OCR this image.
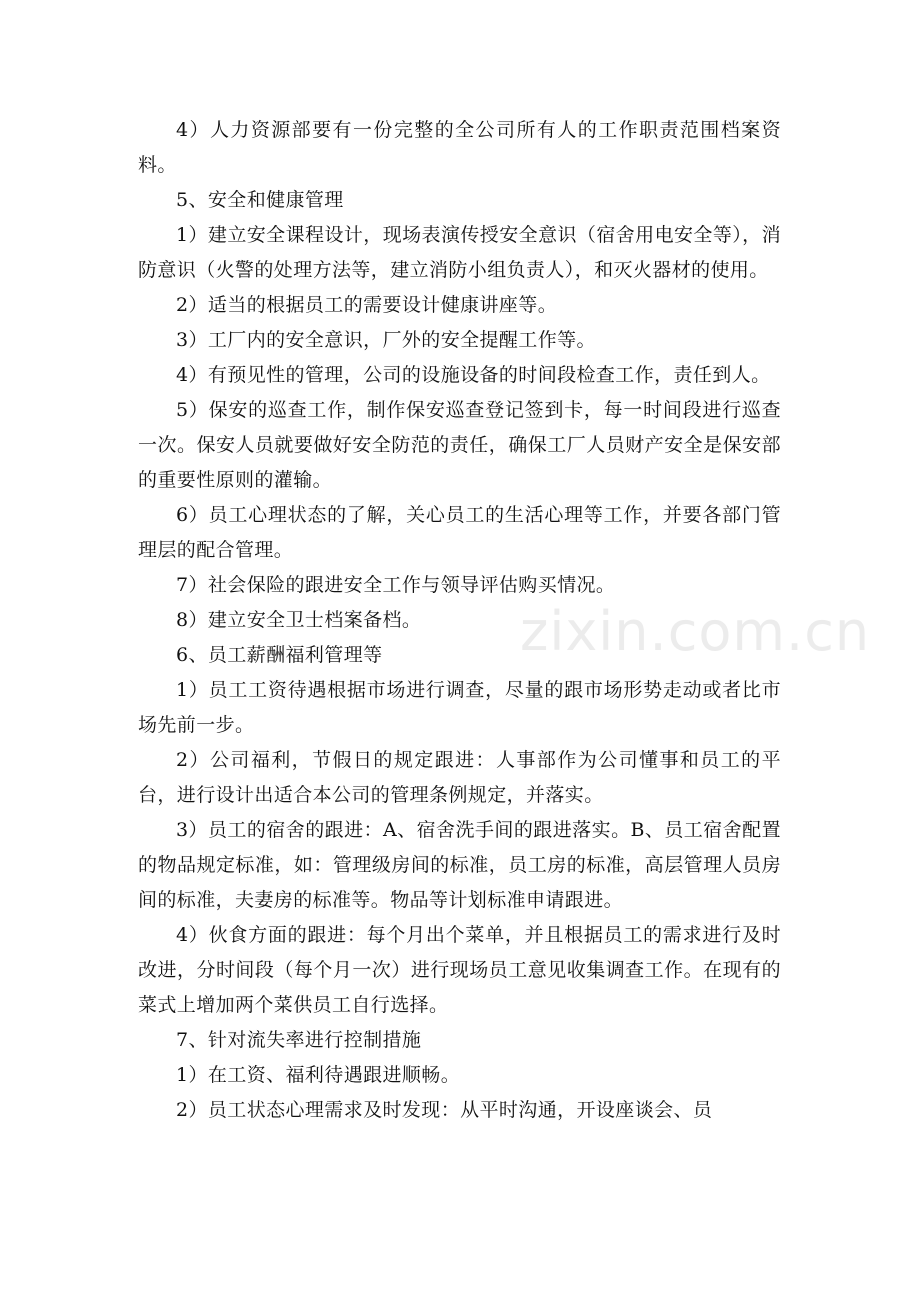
zixin.com.cn

4）人力资源部要有一份完整的全公司所有人的工作职责范围档案资料。

5、安全和健康管理

1）建立安全课程设计，现场表演传授安全意识（宿舍用电安全等），消防意识（火警的处理方法等，建立消防小组负责人），和灭火器材的使用。

2）适当的根据员工的需要设计健康讲座等。

3）工厂内的安全意识，厂外的安全提醒工作等。

4）有预见性的管理，公司的设施设备的时间段检查工作，责任到人。

5）保安的巡查工作，制作保安巡查登记签到卡，每一时间段进行巡查一次。保安人员就要做好安全防范的责任，确保工厂人员财产安全是保安部的重要性原则的灌输。

6）员工心理状态的了解，关心员工的生活心理等工作，并要各部门管理层的配合管理。

7）社会保险的跟进安全工作与领导评估购买情况。

8）建立安全卫士档案备档。

6、员工薪酬福利管理等

1）员工工资待遇根据市场进行调查，尽量的跟市场形势走动或者比市场先前一步。

2）公司福利，节假日的规定跟进：人事部作为公司懂事和员工的平台，进行设计出适合本公司的管理条例规定，并落实。

3）员工的宿舍的跟进：A、宿舍洗手间的跟进落实。B、员工宿舍配置的物品规定标准，如：管理级房间的标准，员工房的标准，高层管理人员房间的标准，夫妻房的标准等。物品等计划标准申请跟进。

4）伙食方面的跟进：每个月出个菜单，并且根据员工的需求进行及时改进，分时间段（每个月一次）进行现场员工意见收集调查工作。在现有的菜式上增加两个菜供员工自行选择。

7、针对流失率进行控制措施

1）在工资、福利待遇跟进顺畅。

2）员工状态心理需求及时发现：从平时沟通，开设座谈会、员
